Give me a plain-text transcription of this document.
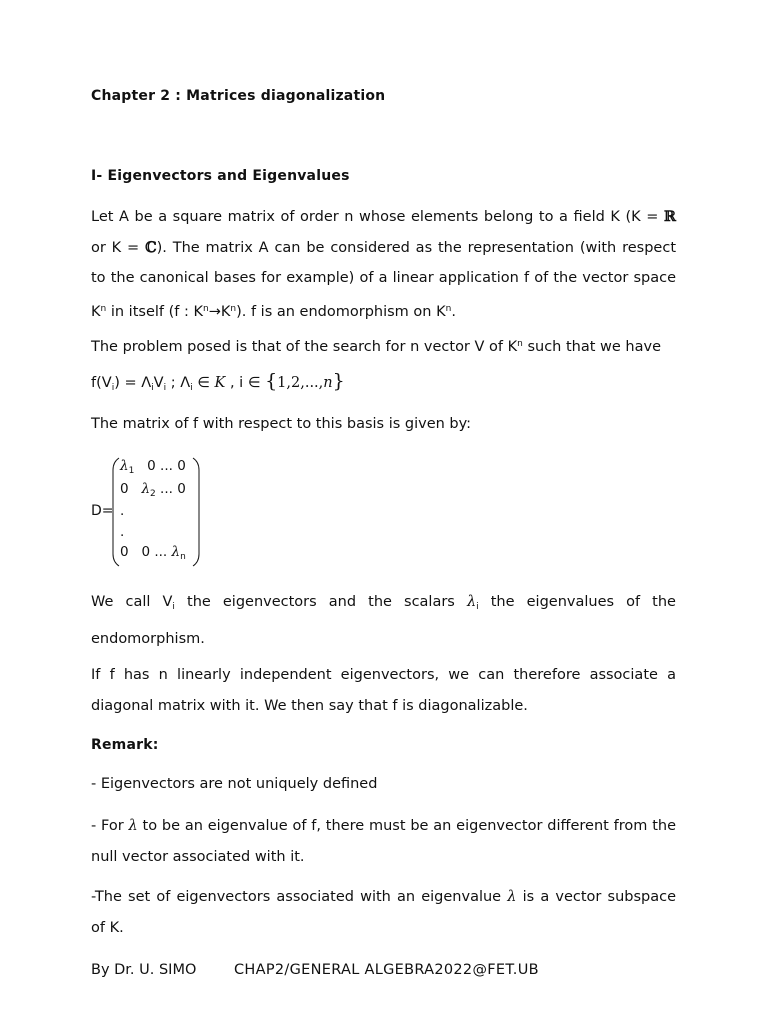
Chapter 2 : Matrices diagonalization
I- Eigenvectors and Eigenvalues
Let A be a square matrix of order n whose elements belong to a field K (K = ℝ or K = ℂ). The matrix A can be considered as the representation (with respect to the canonical bases for example) of a linear application f of the vector space $K^n$ in itself (f : $K^n\to K^n$). f is an endomorphism on $K^n$.
The problem posed is that of the search for n vector V of $K^n$ such that we have
$f(V_i) = \Lambda_iV_i$ ; $\Lambda_i$ ∈ K , i ∈ {1,2,...,n}
The matrix of f with respect to this basis is given by:
D=
$\lambda_1$   0 ... 0
0   $\lambda_2$ ... 0
.
.
0   0 ... $\lambda_n$
We call $V_i$ the eigenvectors and the scalars $\lambda_i$ the eigenvalues of the endomorphism.
If f has n linearly independent eigenvectors, we can therefore associate a diagonal matrix with it. We then say that f is diagonalizable.
Remark:
- Eigenvectors are not uniquely defined
- For λ to be an eigenvalue of f, there must be an eigenvector different from the null vector associated with it.
-The set of eigenvectors associated with an eigenvalue λ is a vector subspace of K.
By Dr. U. SIMO	CHAP2/GENERAL ALGEBRA2022@FET.UB
